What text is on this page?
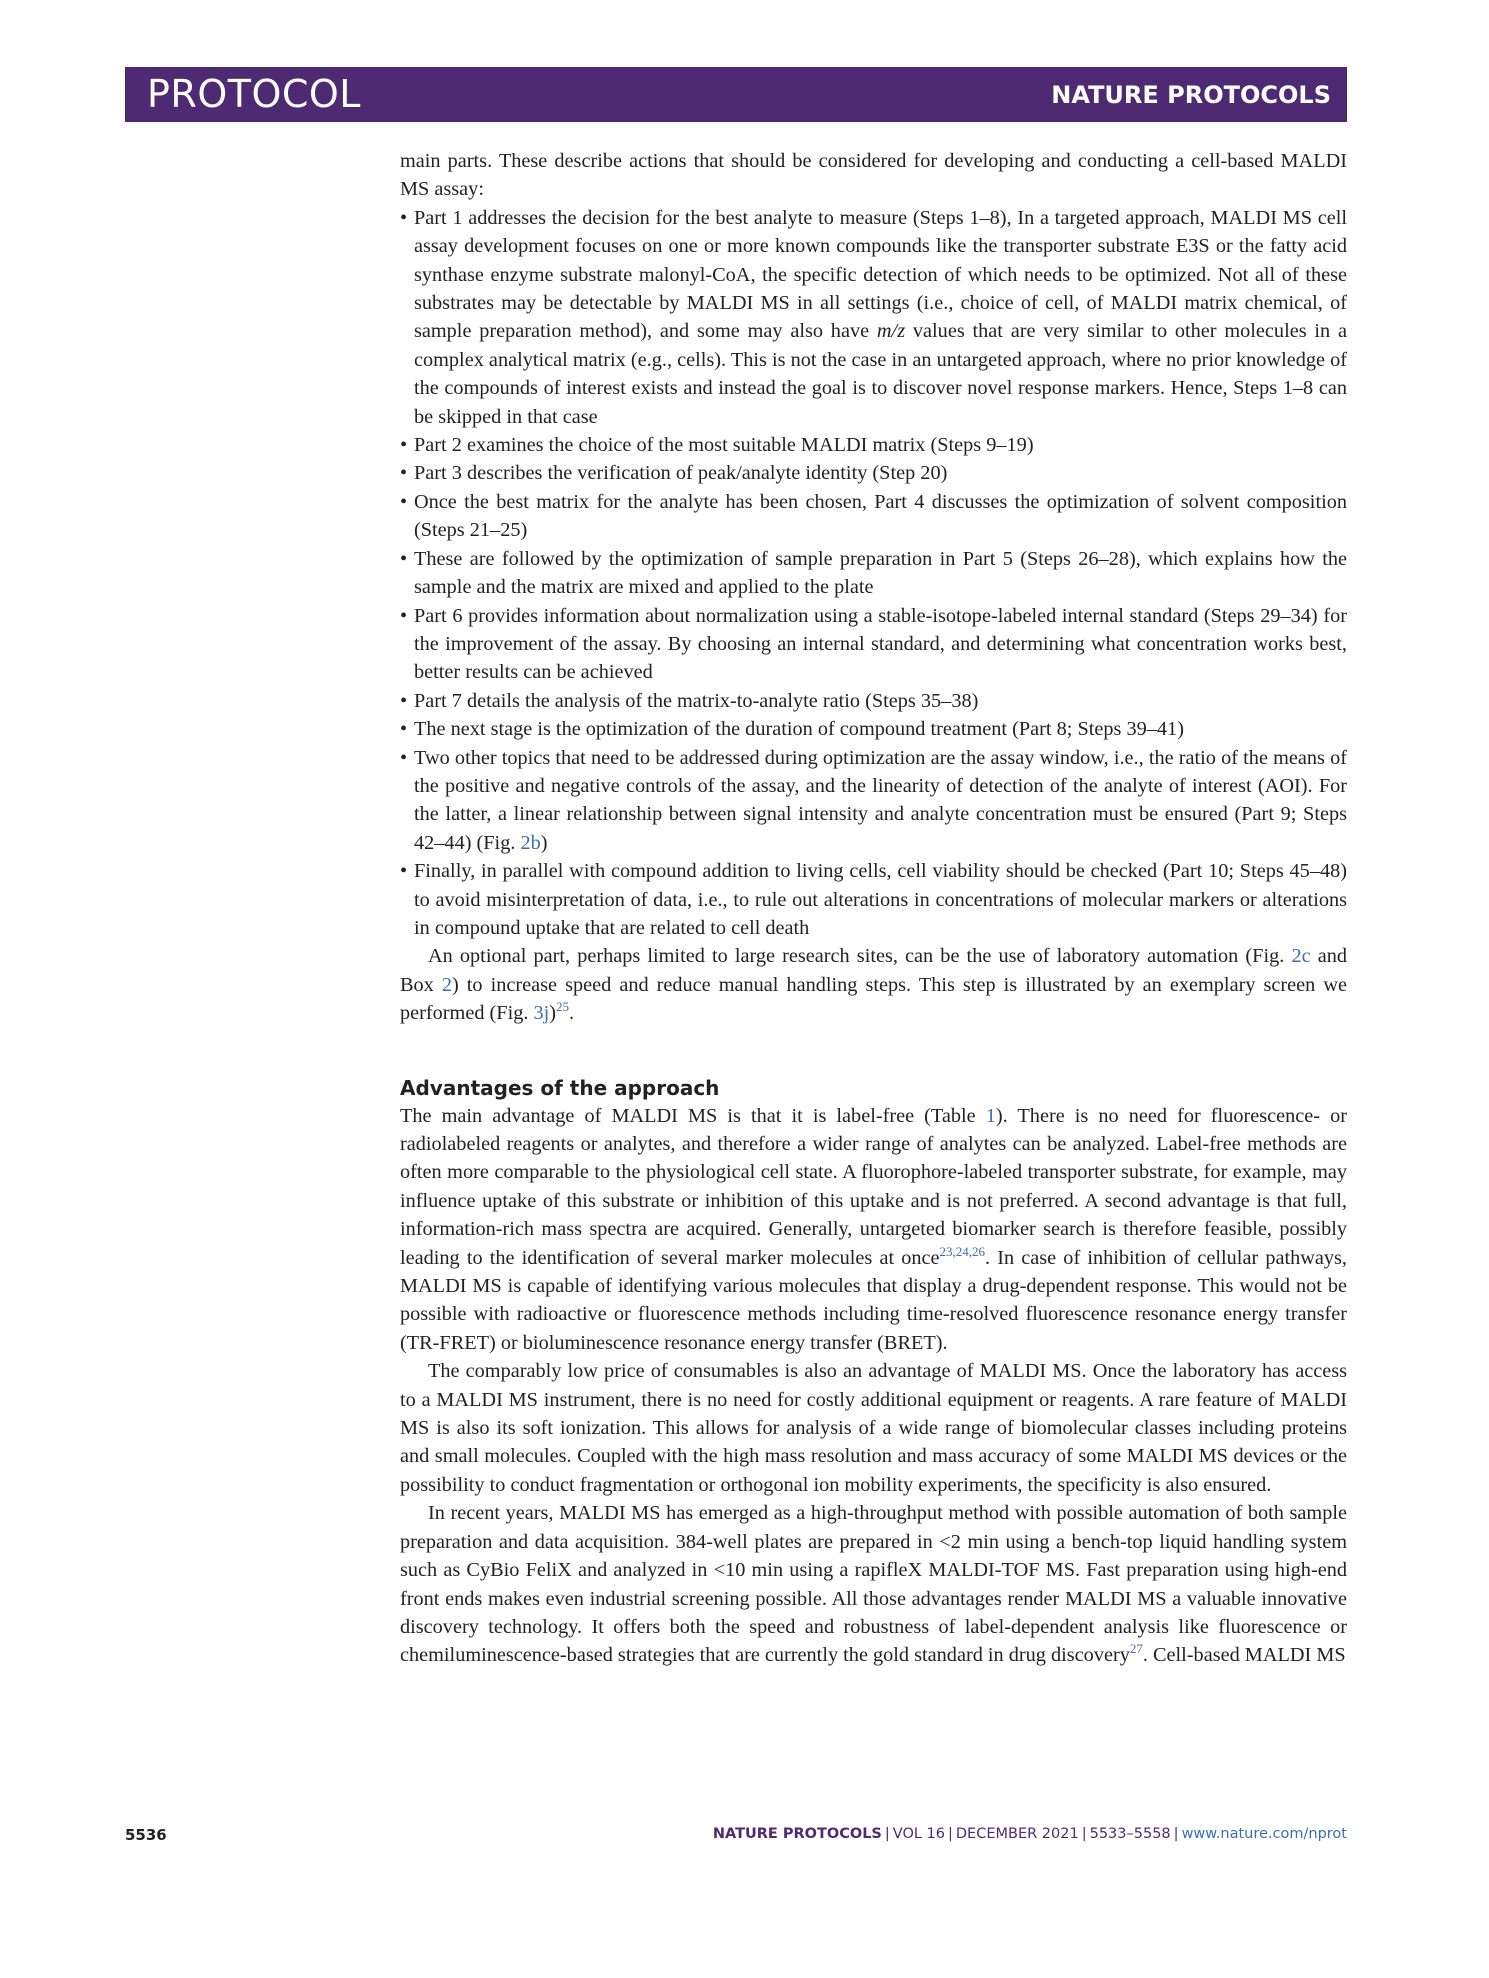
PROTOCOL	NATURE PROTOCOLS

main parts. These describe actions that should be considered for developing and conducting a cell-based MALDI MS assay:

• Part 1 addresses the decision for the best analyte to measure (Steps 1–8), In a targeted approach, MALDI MS cell assay development focuses on one or more known compounds like the transporter substrate E3S or the fatty acid synthase enzyme substrate malonyl-CoA, the specific detection of which needs to be optimized. Not all of these substrates may be detectable by MALDI MS in all settings (i.e., choice of cell, of MALDI matrix chemical, of sample preparation method), and some may also have m/z values that are very similar to other molecules in a complex analytical matrix (e.g., cells). This is not the case in an untargeted approach, where no prior knowledge of the compounds of interest exists and instead the goal is to discover novel response markers. Hence, Steps 1–8 can be skipped in that case
• Part 2 examines the choice of the most suitable MALDI matrix (Steps 9–19)
• Part 3 describes the verification of peak/analyte identity (Step 20)
• Once the best matrix for the analyte has been chosen, Part 4 discusses the optimization of solvent composition (Steps 21–25)
• These are followed by the optimization of sample preparation in Part 5 (Steps 26–28), which explains how the sample and the matrix are mixed and applied to the plate
• Part 6 provides information about normalization using a stable-isotope-labeled internal standard (Steps 29–34) for the improvement of the assay. By choosing an internal standard, and determining what concentration works best, better results can be achieved
• Part 7 details the analysis of the matrix-to-analyte ratio (Steps 35–38)
• The next stage is the optimization of the duration of compound treatment (Part 8; Steps 39–41)
• Two other topics that need to be addressed during optimization are the assay window, i.e., the ratio of the means of the positive and negative controls of the assay, and the linearity of detection of the analyte of interest (AOI). For the latter, a linear relationship between signal intensity and analyte concentration must be ensured (Part 9; Steps 42–44) (Fig. 2b)
• Finally, in parallel with compound addition to living cells, cell viability should be checked (Part 10; Steps 45–48) to avoid misinterpretation of data, i.e., to rule out alterations in concentrations of molecular markers or alterations in compound uptake that are related to cell death

An optional part, perhaps limited to large research sites, can be the use of laboratory automation (Fig. 2c and Box 2) to increase speed and reduce manual handling steps. This step is illustrated by an exemplary screen we performed (Fig. 3j)$^{25}$.

Advantages of the approach

The main advantage of MALDI MS is that it is label-free (Table 1). There is no need for fluorescence- or radiolabeled reagents or analytes, and therefore a wider range of analytes can be analyzed. Label-free methods are often more comparable to the physiological cell state. A fluorophore-labeled transporter substrate, for example, may influence uptake of this substrate or inhibition of this uptake and is not preferred. A second advantage is that full, information-rich mass spectra are acquired. Generally, untargeted biomarker search is therefore feasible, possibly leading to the identification of several marker molecules at once$^{23,24,26}$. In case of inhibition of cellular pathways, MALDI MS is capable of identifying various molecules that display a drug-dependent response. This would not be possible with radioactive or fluorescence methods including time-resolved fluorescence resonance energy transfer (TR-FRET) or bioluminescence resonance energy transfer (BRET).

The comparably low price of consumables is also an advantage of MALDI MS. Once the laboratory has access to a MALDI MS instrument, there is no need for costly additional equipment or reagents. A rare feature of MALDI MS is also its soft ionization. This allows for analysis of a wide range of biomolecular classes including proteins and small molecules. Coupled with the high mass resolution and mass accuracy of some MALDI MS devices or the possibility to conduct fragmentation or orthogonal ion mobility experiments, the specificity is also ensured.

In recent years, MALDI MS has emerged as a high-throughput method with possible automation of both sample preparation and data acquisition. 384-well plates are prepared in <2 min using a bench-top liquid handling system such as CyBio FeliX and analyzed in <10 min using a rapifleX MALDI-TOF MS. Fast preparation using high-end front ends makes even industrial screening possible. All those advantages render MALDI MS a valuable innovative discovery technology. It offers both the speed and robustness of label-dependent analysis like fluorescence or chemiluminescence-based strategies that are currently the gold standard in drug discovery$^{27}$. Cell-based MALDI MS

5536	NATURE PROTOCOLS | VOL 16 | DECEMBER 2021 | 5533–5558 | www.nature.com/nprot
